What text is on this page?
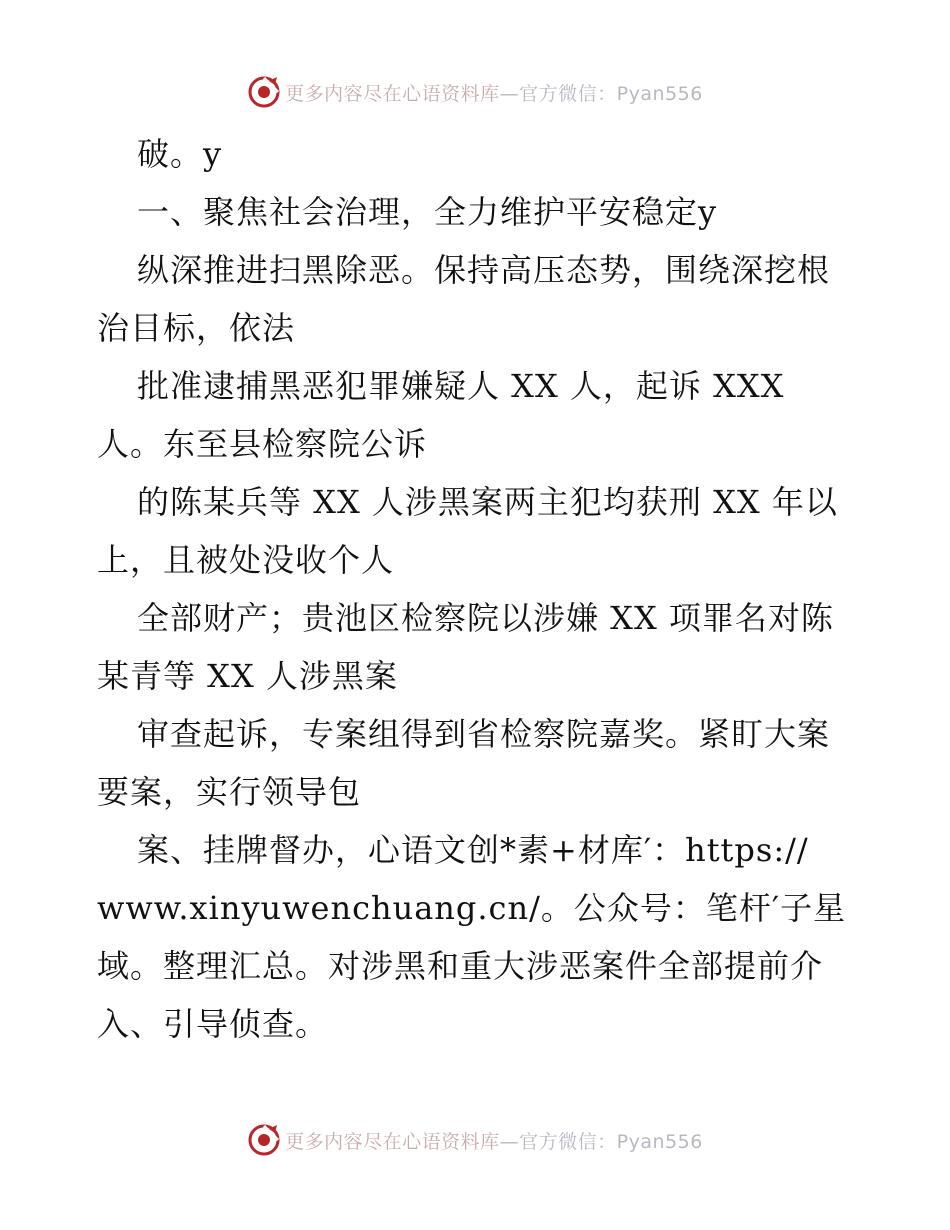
更多内容尽在心语资料库—官方微信：Pyan556
破。y
一、聚焦社会治理，全力维护平安稳定y
纵深推进扫黑除恶。保持高压态势，围绕深挖根
治目标，依法
批准逮捕黑恶犯罪嫌疑人 XX 人，起诉 XXX
人。东至县检察院公诉
的陈某兵等 XX 人涉黑案两主犯均获刑 XX 年以
上，且被处没收个人
全部财产；贵池区检察院以涉嫌 XX 项罪名对陈
某青等 XX 人涉黑案
审查起诉，专案组得到省检察院嘉奖。紧盯大案
要案，实行领导包
案、挂牌督办，心语文创*素+材库′：https://
www.xinyuwenchuang.cn/。公众号：笔杆′子星
域。整理汇总。对涉黑和重大涉恶案件全部提前介
入、引导侦查。
更多内容尽在心语资料库—官方微信：Pyan556
